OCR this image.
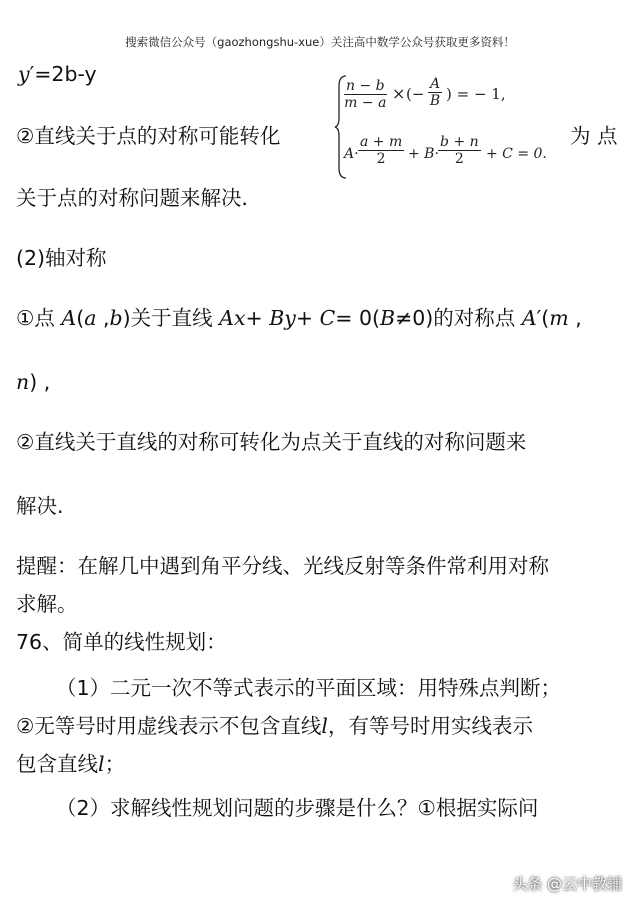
搜索微信公众号（gaozhongshu-xue）关注高中数学公众号获取更多资料！
y′=2b-y
②直线关于点的对称可能转化	为 点
$\frac{n - b}{m - a}$ × (− $\frac{A}{B}$ ) = − 1,
$A\cdot \frac{a + m}{2} + B\cdot \frac{b + n}{2} + C = 0$.
关于点的对称问题来解决．
(2)轴对称
①点 A(a ,b)关于直线 Ax+ By+ C= 0(B≠0)的对称点 A′(m ,
n) ,
②直线关于直线的对称可转化为点关于直线的对称问题来
解决.
提醒：在解几中遇到角平分线、光线反射等条件常利用对称
求解。
76、简单的线性规划：
（1）二元一次不等式表示的平面区域：用特殊点判断；
②无等号时用虚线表示不包含直线l，有等号时用实线表示
包含直线l；
（2）求解线性规划问题的步骤是什么？①根据实际问
头条 @云中教辅
